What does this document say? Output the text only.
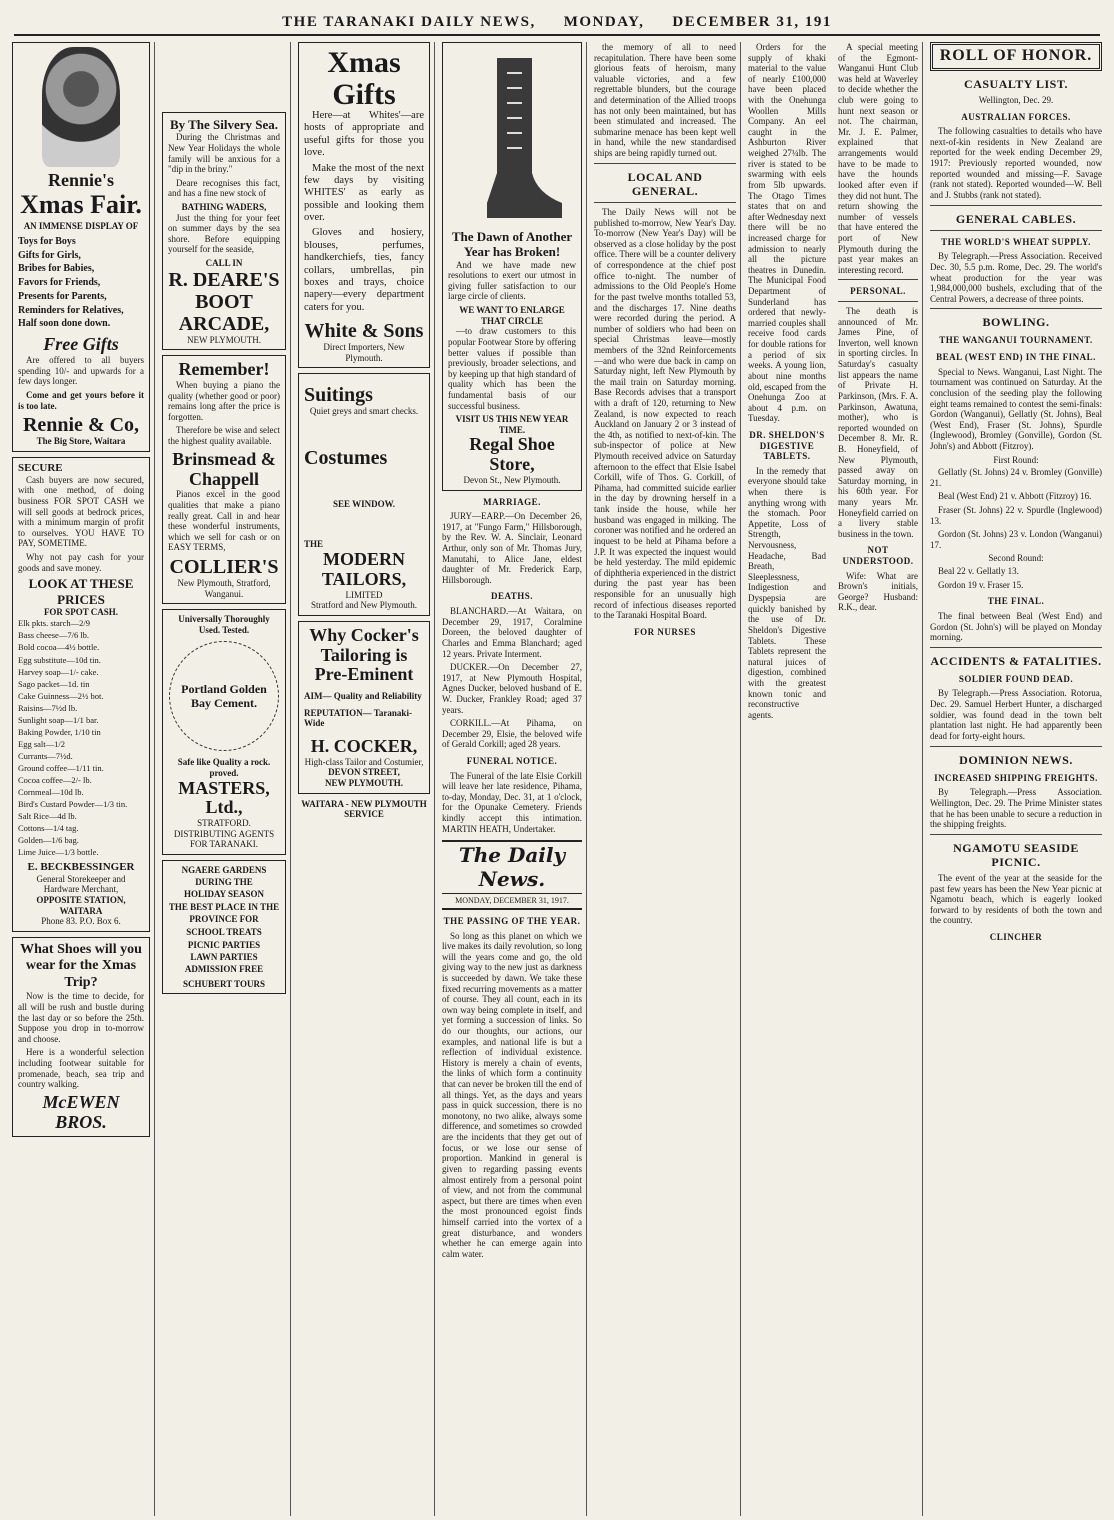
THE TARANAKI DAILY NEWS, MONDAY, DECEMBER 31, 191
Rennie's
Xmas Fair.
AN IMMENSE DISPLAY OF
Toys for Boys
Gifts for Girls,
Bribes for Babies,
Favors for Friends,
Presents for Parents,
Reminders for Relatives,
Half soon done down.
Free Gifts

Are offered to all buyers spending 10/- and upwards for a few days longer.

Come and get yours before it is too late.

Rennie & Co,
The Big Store, Waitara
SECURE

Cash buyers are now secured, with one method, of doing business FOR SPOT CASH we will sell goods at bedrock prices, with a minimum margin of profit to ourselves. YOU HAVE TO PAY, SOMETIME.

Why not pay cash for your goods and save money.

LOOK AT THESE PRICES
FOR SPOT CASH.
Elk pkts. starch—2/9
Bass cheese—7/6 lb.
Bold cocoa—4½ bottle.
Egg substitute—10d tin.
Harvey soap—1/- cake.
Sago packet—1d. tin
Cake Guinness—2½ bot.
Raisins—7½d lb.
Sunlight soap—1/1 bar.
Baking Powder, 1/10 tin
Egg salt—1/2
Currants—7½d.
Ground coffee—1/11 tin.
Cocoa coffee—2/- lb.
Cornmeal—10d lb.
Bird's Custard Powder—1/3 tin.
Salt Rice—4d lb.
Cottons—1/4 tag.
Golden—1/6 bag.
Lime Juice—1/3 bottle.
E. BECKBESSINGER
General Storekeeper and Hardware Merchant,
OPPOSITE STATION, WAITARA
Phone 83. P.O. Box 6.
What Shoes will you wear for the Xmas Trip?

Now is the time to decide, for all will be rush and bustle during the last day or so before the 25th. Suppose you drop in to-morrow and choose.

Here is a wonderful selection including footwear suitable for promenade, beach, sea trip and country walking.

McEWEN BROS.
By The Silvery Sea.

During the Christmas and New Year Holidays the whole family will be anxious for a "dip in the briny."

Deare recognises this fact, and has a fine new stock of

BATHING WADERS,

Just the thing for your feet on summer days by the sea shore. Before equipping yourself for the seaside,

CALL IN
R. DEARE'S
BOOT
ARCADE,
NEW PLYMOUTH.
Remember!

When buying a piano the quality (whether good or poor) remains long after the price is forgotten.

Therefore be wise and select the highest quality available.

Brinsmead & Chappell

Pianos excel in the good qualities that make a piano really great. Call in and hear these wonderful instruments, which we sell for cash or on EASY TERMS,

COLLIER'S
New Plymouth, Stratford, Wanganui.
Universally Thoroughly Used. Tested.
Portland Golden Bay Cement.
Safe like Quality a rock. proved.
MASTERS, Ltd.,
STRATFORD.
DISTRIBUTING AGENTS FOR TARANAKI.
NGAERE GARDENS
DURING THE
HOLIDAY SEASON
THE BEST PLACE IN THE
PROVINCE FOR
SCHOOL TREATS
PICNIC PARTIES
LAWN PARTIES
ADMISSION FREE
SCHUBERT TOURS
Xmas
Gifts

Here—at Whites'—are hosts of appropriate and useful gifts for those you love.

Make the most of the next few days by visiting WHITES' as early as possible and looking them over.

Gloves and hosiery, blouses, perfumes, handkerchiefs, ties, fancy collars, umbrellas, pin boxes and trays, choice napery—every department caters for you.

White & Sons
Direct Importers, New Plymouth.
Suitings
Quiet greys and smart checks.
Costumes
SEE WINDOW.
THE
MODERN
TAILORS,
LIMITED
Stratford and New Plymouth.
Why Cocker's Tailoring is Pre-Eminent
AIM— Quality and Reliability
REPUTATION— Taranaki-Wide
H. COCKER,
High-class Tailor and Costumier,
DEVON STREET,
NEW PLYMOUTH.
WAITARA - NEW PLYMOUTH SERVICE
The Dawn of Another Year has Broken!

And we have made new resolutions to exert our utmost in giving fuller satisfaction to our large circle of clients.

WE WANT TO ENLARGE THAT CIRCLE

—to draw customers to this popular Footwear Store by offering better values if possible than previously, broader selections, and by keeping up that high standard of quality which has been the fundamental basis of our successful business.

VISIT US THIS NEW YEAR TIME.
Regal Shoe Store,
Devon St., New Plymouth.
MARRIAGE.

JURY—EARP.—On December 26, 1917, at "Fungo Farm," Hillsborough, by the Rev. W. A. Sinclair, Leonard Arthur, only son of Mr. Thomas Jury, Manutahi, to Alice Jane, eldest daughter of Mr. Frederick Earp, Hillsborough.

DEATHS.

BLANCHARD.—At Waitara, on December 29, 1917, Coralmine Doreen, the beloved daughter of Charles and Emma Blanchard; aged 12 years. Private Interment.

DUCKER.—On December 27, 1917, at New Plymouth Hospital, Agnes Ducker, beloved husband of E. W. Ducker, Frankley Road; aged 37 years.

CORKILL.—At Pihama, on December 29, Elsie, the beloved wife of Gerald Corkill; aged 28 years.

FUNERAL NOTICE.

The Funeral of the late Elsie Corkill will leave her late residence, Pihama, to-day, Monday, Dec. 31, at 1 o'clock, for the Opunake Cemetery. Friends kindly accept this intimation. MARTIN HEATH, Undertaker.

The Daily News.
MONDAY, DECEMBER 31, 1917.
THE PASSING OF THE YEAR.

So long as this planet on which we live makes its daily revolution, so long will the years come and go, the old giving way to the new just as darkness is succeeded by dawn. We take these fixed recurring movements as a matter of course. They all count, each in its own way being complete in itself, and yet forming a succession of links. So do our thoughts, our actions, our examples, and national life is but a reflection of individual existence. History is merely a chain of events, the links of which form a continuity that can never be broken till the end of all things. Yet, as the days and years pass in quick succession, there is no monotony, no two alike, always some difference, and sometimes so crowded are the incidents that they get out of focus, or we lose our sense of proportion. Mankind in general is given to regarding passing events almost entirely from a personal point of view, and not from the communal aspect, but there are times when even the most pronounced egoist finds himself carried into the vortex of a great disturbance, and wonders whether he can emerge again into calm water.

the memory of all to need recapitulation. There have been some glorious feats of heroism, many valuable victories, and a few regrettable blunders, but the courage and determination of the Allied troops has not only been maintained, but has been stimulated and increased. The submarine menace has been kept well in hand, while the new standardised ships are being rapidly turned out.

LOCAL AND GENERAL.

The Daily News will not be published to-morrow, New Year's Day. To-morrow (New Year's Day) will be observed as a close holiday by the post office. There will be a counter delivery of correspondence at the chief post office to-night. The number of admissions to the Old People's Home for the past twelve months totalled 53, and the discharges 17. Nine deaths were recorded during the period. A number of soldiers who had been on special Christmas leave—mostly members of the 32nd Reinforcements—and who were due back in camp on Saturday night, left New Plymouth by the mail train on Saturday morning. Base Records advises that a transport with a draft of 120, returning to New Zealand, is now expected to reach Auckland on January 2 or 3 instead of the 4th, as notified to next-of-kin. The sub-inspector of police at New Plymouth received advice on Saturday afternoon to the effect that Elsie Isabel Corkill, wife of Thos. G. Corkill, of Pihama, had committed suicide earlier in the day by drowning herself in a tank inside the house, while her husband was engaged in milking. The coroner was notified and he ordered an inquest to be held at Pihama before a J.P. It was expected the inquest would be held yesterday. The mild epidemic of diphtheria experienced in the district during the past year has been responsible for an unusually high record of infectious diseases reported to the Taranaki Hospital Board.

FOR NURSES

Orders for the supply of khaki material to the value of nearly £100,000 have been placed with the Onehunga Woollen Mills Company. An eel caught in the Ashburton River weighed 27¼lb. The river is stated to be swarming with eels from 5lb upwards. The Otago Times states that on and after Wednesday next there will be no increased charge for admission to nearly all the picture theatres in Dunedin. The Municipal Food Department of Sunderland has ordered that newly-married couples shall receive food cards for double rations for a period of six weeks. A young lion, about nine months old, escaped from the Onehunga Zoo at about 4 p.m. on Tuesday.

DR. SHELDON'S DIGESTIVE TABLETS.

In the remedy that everyone should take when there is anything wrong with the stomach. Poor Appetite, Loss of Strength, Nervousness, Headache, Bad Breath, Sleeplessness, Indigestion and Dyspepsia are quickly banished by the use of Dr. Sheldon's Digestive Tablets. These Tablets represent the natural juices of digestion, combined with the greatest known tonic and reconstructive agents.

A special meeting of the Egmont-Wanganui Hunt Club was held at Waverley to decide whether the club were going to hunt next season or not. The chairman, Mr. J. E. Palmer, explained that arrangements would have to be made to have the hounds looked after even if they did not hunt. The return showing the number of vessels that have entered the port of New Plymouth during the past year makes an interesting record.

PERSONAL.

The death is announced of Mr. James Pine, of Inverton, well known in sporting circles. In Saturday's casualty list appears the name of Private H. Parkinson, (Mrs. F. A. Parkinson, Awatuna, mother), who is reported wounded on December 8. Mr. R. B. Honeyfield, of New Plymouth, passed away on Saturday morning, in his 60th year. For many years Mr. Honeyfield carried on a livery stable business in the town.

NOT UNDERSTOOD.

Wife: What are Brown's initials, George? Husband: R.K., dear.

ROLL OF HONOR.
CASUALTY LIST.
Wellington, Dec. 29.
AUSTRALIAN FORCES.

The following casualties to details who have next-of-kin residents in New Zealand are reported for the week ending December 29, 1917: Previously reported wounded, now reported wounded and missing—F. Savage (rank not stated). Reported wounded—W. Bell and J. Stubbs (rank not stated).

GENERAL CABLES.
THE WORLD'S WHEAT SUPPLY.

By Telegraph.—Press Association. Received Dec. 30, 5.5 p.m. Rome, Dec. 29. The world's wheat production for the year was 1,984,000,000 bushels, excluding that of the Central Powers, a decrease of three points.

BOWLING.
THE WANGANUI TOURNAMENT.
BEAL (WEST END) IN THE FINAL.

Special to News. Wanganui, Last Night. The tournament was continued on Saturday. At the conclusion of the seeding play the following eight teams remained to contest the semi-finals: Gordon (Wanganui), Gellatly (St. Johns), Beal (West End), Fraser (St. Johns), Spurdle (Inglewood), Bromley (Gonville), Gordon (St. John's) and Abbott (Fitzroy).

First Round:

Gellatly (St. Johns) 24 v. Bromley (Gonville) 21.

Beal (West End) 21 v. Abbott (Fitzroy) 16.

Fraser (St. Johns) 22 v. Spurdle (Inglewood) 13.

Gordon (St. Johns) 23 v. London (Wanganui) 17.

Second Round:

Beal 22 v. Gellatly 13.

Gordon 19 v. Fraser 15.

THE FINAL.

The final between Beal (West End) and Gordon (St. John's) will be played on Monday morning.

ACCIDENTS & FATALITIES.
SOLDIER FOUND DEAD.

By Telegraph.—Press Association. Rotorua, Dec. 29. Samuel Herbert Hunter, a discharged soldier, was found dead in the town belt plantation last night. He had apparently been dead for forty-eight hours.

DOMINION NEWS.
INCREASED SHIPPING FREIGHTS.

By Telegraph.—Press Association. Wellington, Dec. 29. The Prime Minister states that he has been unable to secure a reduction in the shipping freights.

NGAMOTU SEASIDE PICNIC.

The event of the year at the seaside for the past few years has been the New Year picnic at Ngamotu beach, which is eagerly looked forward to by residents of both the town and the country.

CLINCHER
